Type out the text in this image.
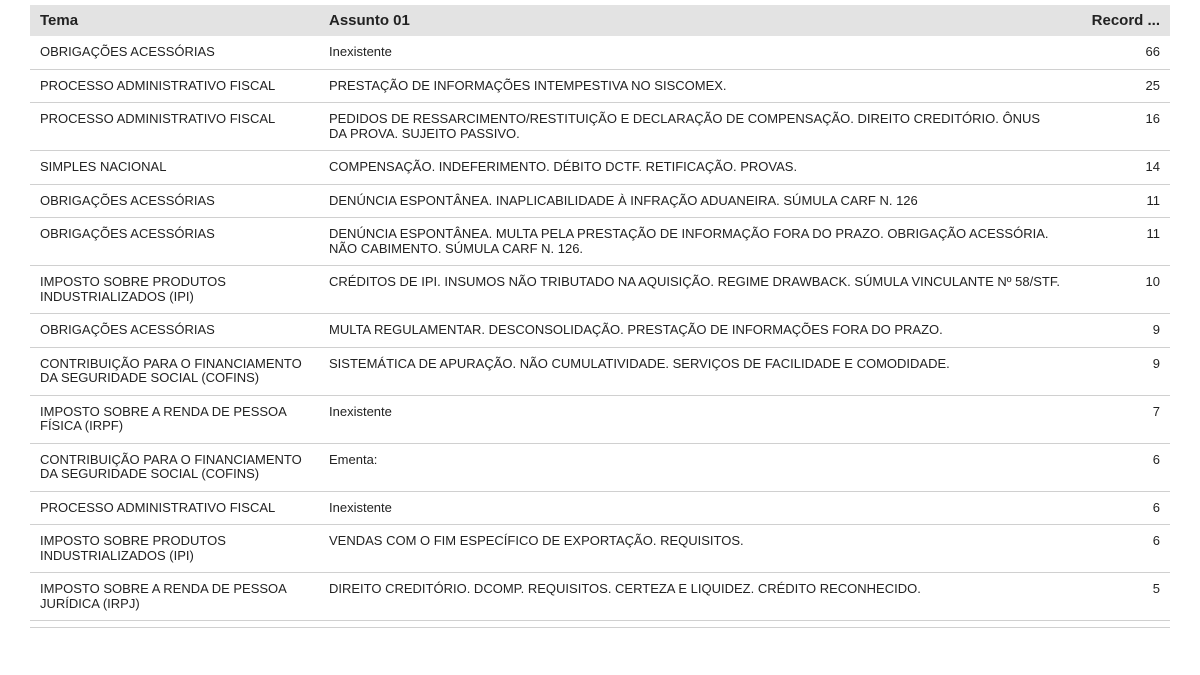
Tema	Assunto 01	Record ...
OBRIGAÇÕES ACESSÓRIAS	Inexistente	66
PROCESSO ADMINISTRATIVO FISCAL	PRESTAÇÃO DE INFORMAÇÕES INTEMPESTIVA NO SISCOMEX.	25
PROCESSO ADMINISTRATIVO FISCAL	PEDIDOS DE RESSARCIMENTO/RESTITUIÇÃO E DECLARAÇÃO DE COMPENSAÇÃO. DIREITO CREDITÓRIO. ÔNUS DA PROVA. SUJEITO PASSIVO.	16
SIMPLES NACIONAL	COMPENSAÇÃO. INDEFERIMENTO. DÉBITO DCTF. RETIFICAÇÃO. PROVAS.	14
OBRIGAÇÕES ACESSÓRIAS	DENÚNCIA ESPONTÂNEA. INAPLICABILIDADE À INFRAÇÃO ADUANEIRA. SÚMULA CARF N. 126	11
OBRIGAÇÕES ACESSÓRIAS	DENÚNCIA ESPONTÂNEA. MULTA PELA PRESTAÇÃO DE INFORMAÇÃO FORA DO PRAZO. OBRIGAÇÃO ACESSÓRIA. NÃO CABIMENTO. SÚMULA CARF N. 126.	11
IMPOSTO SOBRE PRODUTOS INDUSTRIALIZADOS (IPI)	CRÉDITOS DE IPI. INSUMOS NÃO TRIBUTADO NA AQUISIÇÃO. REGIME DRAWBACK. SÚMULA VINCULANTE Nº 58/STF.	10
OBRIGAÇÕES ACESSÓRIAS	MULTA REGULAMENTAR. DESCONSOLIDAÇÃO. PRESTAÇÃO DE INFORMAÇÕES FORA DO PRAZO.	9
CONTRIBUIÇÃO PARA O FINANCIAMENTO DA SEGURIDADE SOCIAL (COFINS)	SISTEMÁTICA DE APURAÇÃO. NÃO CUMULATIVIDADE. SERVIÇOS DE FACILIDADE E COMODIDADE.	9
IMPOSTO SOBRE A RENDA DE PESSOA FÍSICA (IRPF)	Inexistente	7
CONTRIBUIÇÃO PARA O FINANCIAMENTO DA SEGURIDADE SOCIAL (COFINS)	Ementa:	6
PROCESSO ADMINISTRATIVO FISCAL	Inexistente	6
IMPOSTO SOBRE PRODUTOS INDUSTRIALIZADOS (IPI)	VENDAS COM O FIM ESPECÍFICO DE EXPORTAÇÃO. REQUISITOS.	6
IMPOSTO SOBRE A RENDA DE PESSOA JURÍDICA (IRPJ)	DIREITO CREDITÓRIO. DCOMP. REQUISITOS. CERTEZA E LIQUIDEZ. CRÉDITO RECONHECIDO.	5
